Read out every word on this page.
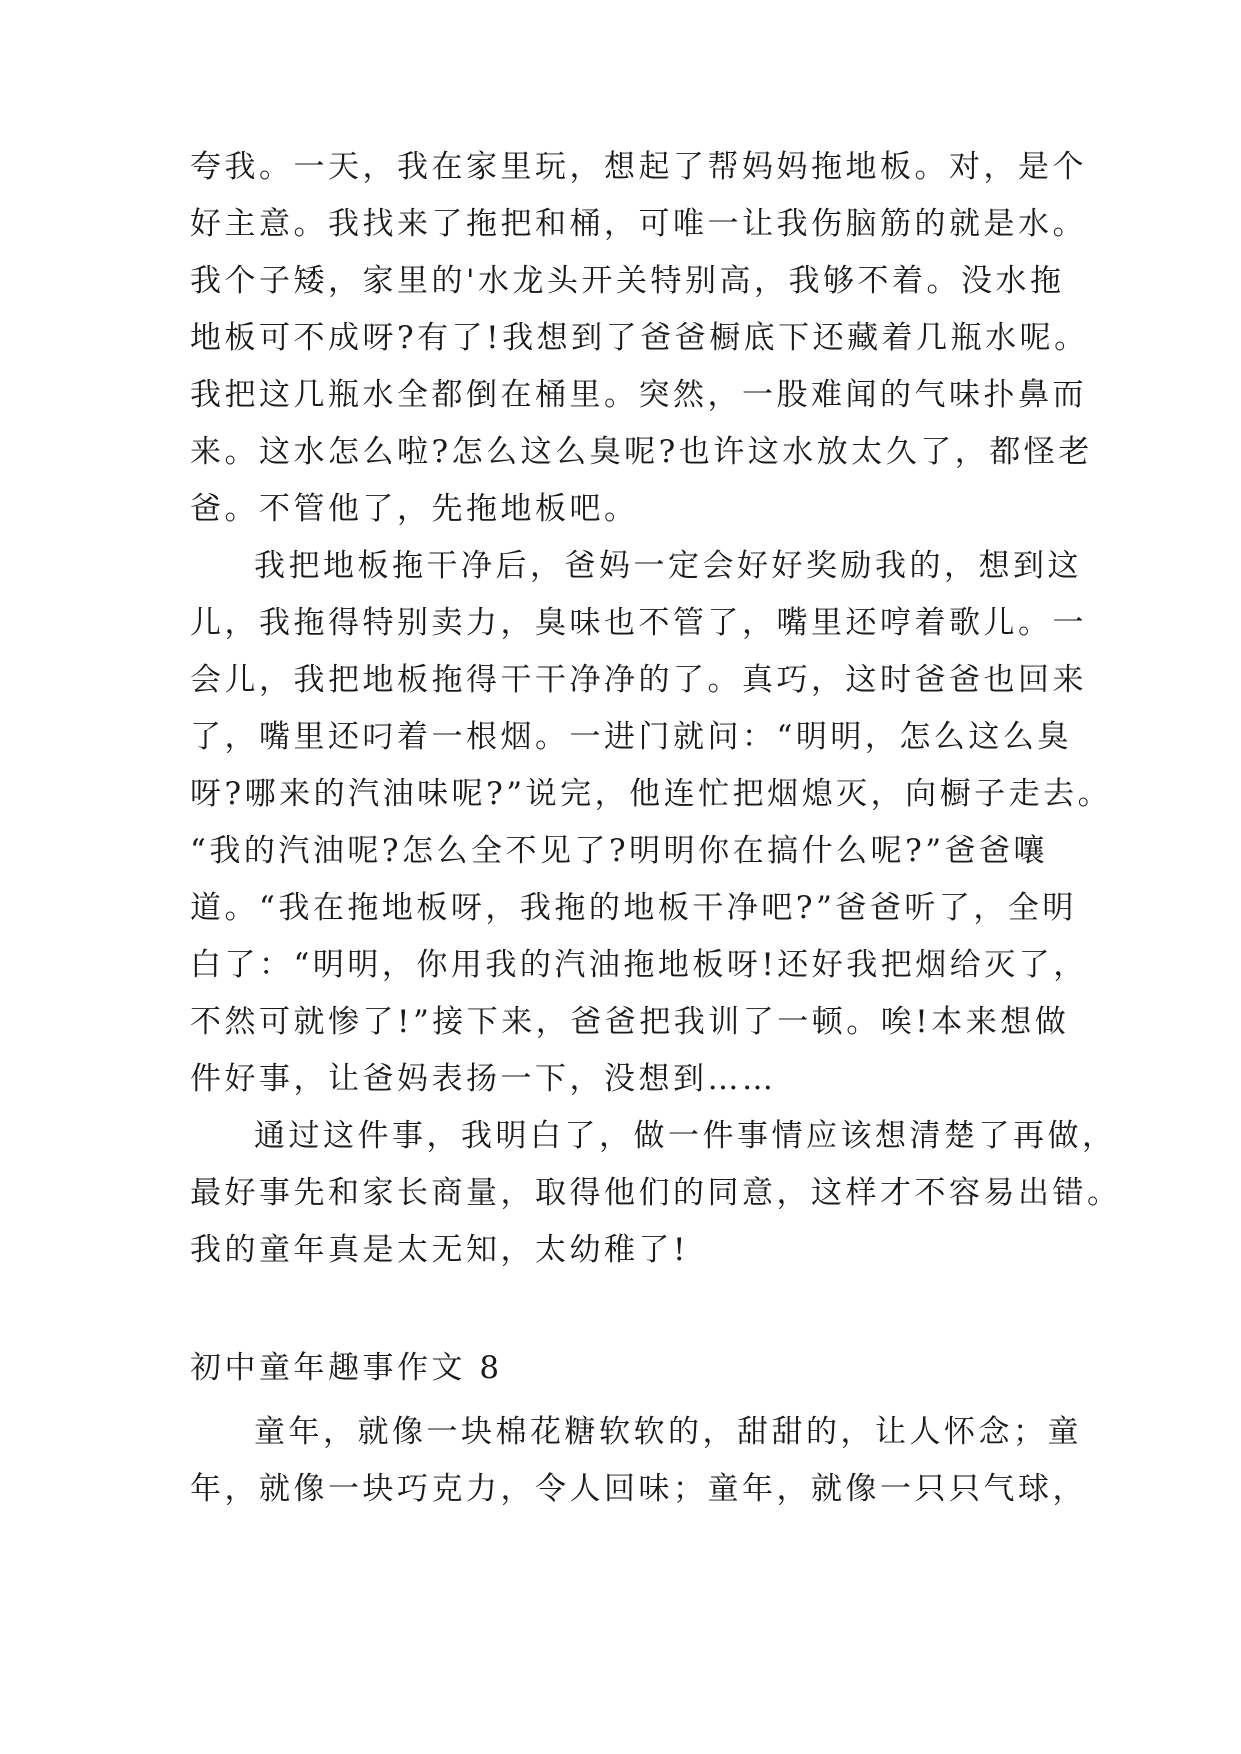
夸我。一天，我在家里玩，想起了帮妈妈拖地板。对，是个
好主意。我找来了拖把和桶，可唯一让我伤脑筋的就是水。
我个子矮，家里的'水龙头开关特别高，我够不着。没水拖
地板可不成呀?有了!我想到了爸爸橱底下还藏着几瓶水呢。
我把这几瓶水全都倒在桶里。突然，一股难闻的气味扑鼻而
来。这水怎么啦?怎么这么臭呢?也许这水放太久了，都怪老
爸。不管他了，先拖地板吧。
我把地板拖干净后，爸妈一定会好好奖励我的，想到这
儿，我拖得特别卖力，臭味也不管了，嘴里还哼着歌儿。一
会儿，我把地板拖得干干净净的了。真巧，这时爸爸也回来
了，嘴里还叼着一根烟。一进门就问：“明明，怎么这么臭
呀?哪来的汽油味呢?”说完，他连忙把烟熄灭，向橱子走去。
“我的汽油呢?怎么全不见了?明明你在搞什么呢?”爸爸嚷
道。“我在拖地板呀，我拖的地板干净吧?”爸爸听了，全明
白了：“明明，你用我的汽油拖地板呀!还好我把烟给灭了，
不然可就惨了!”接下来，爸爸把我训了一顿。唉!本来想做
件好事，让爸妈表扬一下，没想到……
通过这件事，我明白了，做一件事情应该想清楚了再做，
最好事先和家长商量，取得他们的同意，这样才不容易出错。
我的童年真是太无知，太幼稚了!
初中童年趣事作文 8
童年，就像一块棉花糖软软的，甜甜的，让人怀念；童
年，就像一块巧克力，令人回味；童年，就像一只只气球，
